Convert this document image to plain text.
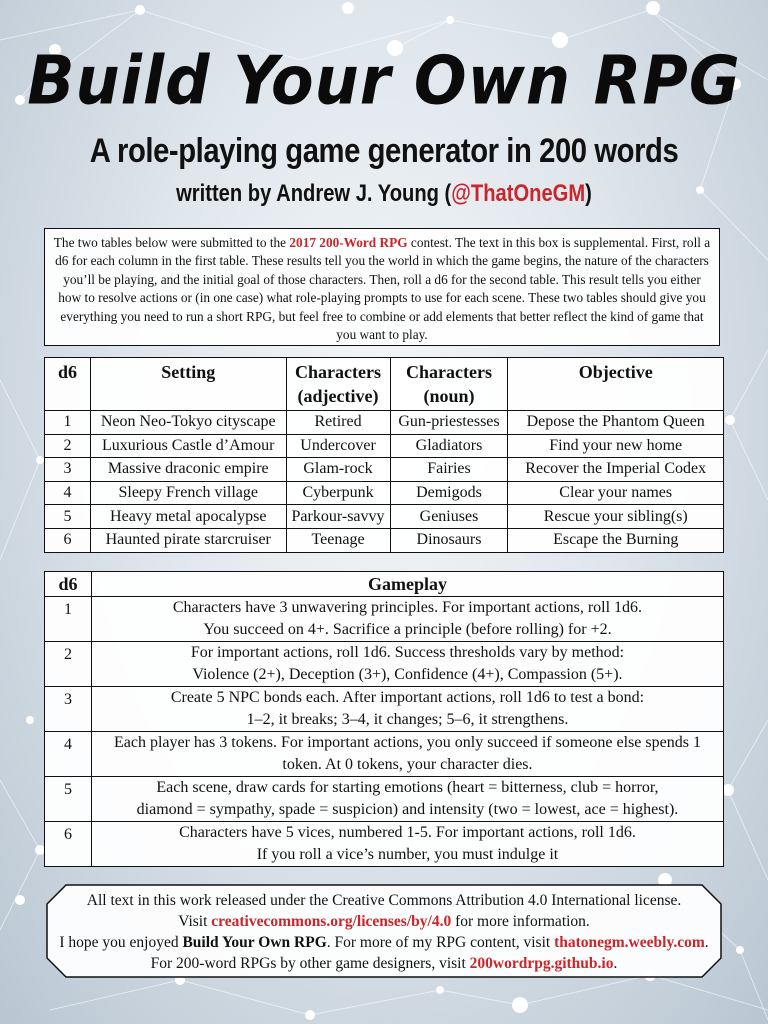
Build Your Own RPG
A role-playing game generator in 200 words
written by Andrew J. Young (@ThatOneGM)
The two tables below were submitted to the 2017 200-Word RPG contest. The text in this box is supplemental. First, roll a d6 for each column in the first table. These results tell you the world in which the game begins, the nature of the characters you’ll be playing, and the initial goal of those characters. Then, roll a d6 for the second table. This result tells you either how to resolve actions or (in one case) what role-playing prompts to use for each scene. These two tables should give you everything you need to run a short RPG, but feel free to combine or add elements that better reflect the kind of game that you want to play.
d6	Setting	Characters (adjective)	Characters (noun)	Objective
1	Neon Neo-Tokyo cityscape	Retired	Gun-priestesses	Depose the Phantom Queen
2	Luxurious Castle d’Amour	Undercover	Gladiators	Find your new home
3	Massive draconic empire	Glam-rock	Fairies	Recover the Imperial Codex
4	Sleepy French village	Cyberpunk	Demigods	Clear your names
5	Heavy metal apocalypse	Parkour-savvy	Geniuses	Rescue your sibling(s)
6	Haunted pirate starcruiser	Teenage	Dinosaurs	Escape the Burning
d6	Gameplay
1	Characters have 3 unwavering principles. For important actions, roll 1d6.
You succeed on 4+. Sacrifice a principle (before rolling) for +2.
2	For important actions, roll 1d6. Success thresholds vary by method:
Violence (2+), Deception (3+), Confidence (4+), Compassion (5+).
3	Create 5 NPC bonds each. After important actions, roll 1d6 to test a bond:
1–2, it breaks; 3–4, it changes; 5–6, it strengthens.
4	Each player has 3 tokens. For important actions, you only succeed if someone else spends 1
token. At 0 tokens, your character dies.
5	Each scene, draw cards for starting emotions (heart = bitterness, club = horror,
diamond = sympathy, spade = suspicion) and intensity (two = lowest, ace = highest).
6	Characters have 5 vices, numbered 1-5. For important actions, roll 1d6.
If you roll a vice’s number, you must indulge it
All text in this work released under the Creative Commons Attribution 4.0 International license.
Visit creativecommons.org/licenses/by/4.0 for more information.
I hope you enjoyed Build Your Own RPG. For more of my RPG content, visit thatonegm.weebly.com.
For 200-word RPGs by other game designers, visit 200wordrpg.github.io.
